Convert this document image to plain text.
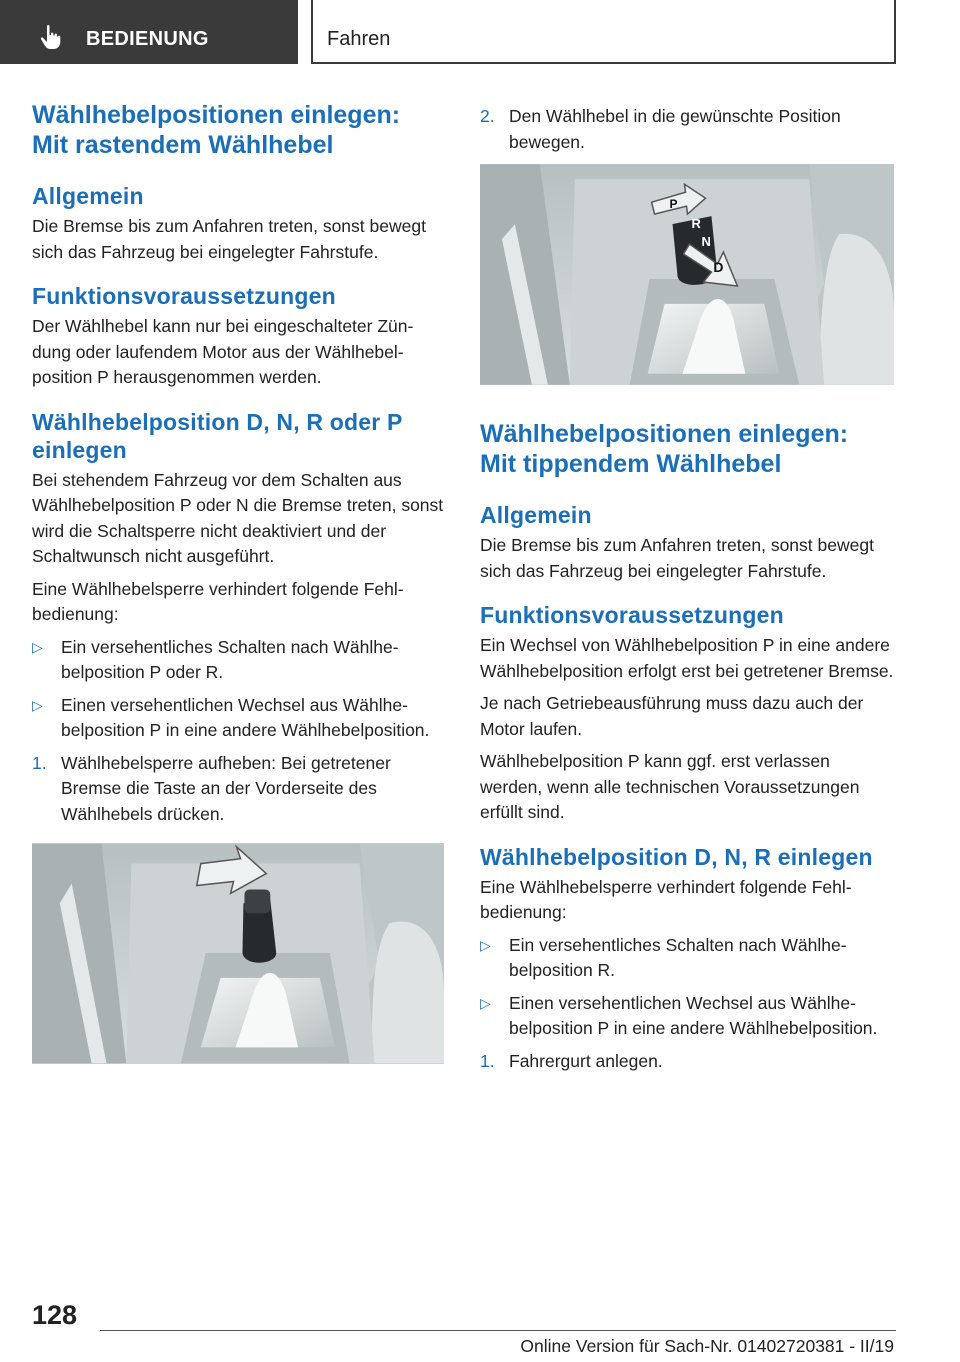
BEDIENUNG	Fahren
Wählhebelpositionen einlegen:
Mit rastendem Wählhebel
Allgemein

Die Bremse bis zum Anfahren treten, sonst bewegt sich das Fahrzeug bei eingelegter Fahrstufe.

Funktionsvoraussetzungen

Der Wählhebel kann nur bei eingeschalteter Zündung oder laufendem Motor aus der Wählhebelposition P herausgenommen werden.

Wählhebelposition D, N, R oder P einlegen

Bei stehendem Fahrzeug vor dem Schalten aus Wählhebelposition P oder N die Bremse treten, sonst wird die Schaltsperre nicht deaktiviert und der Schaltwunsch nicht ausgeführt.

Eine Wählhebelsperre verhindert folgende Fehlbedienung:

▷ Ein versehentliches Schalten nach Wählhebelposition P oder R.
▷ Einen versehentlichen Wechsel aus Wählhebelposition P in eine andere Wählhebelposition.
1. Wählhebelsperre aufheben: Bei getretener Bremse die Taste an der Vorderseite des Wählhebels drücken.
2. Den Wählhebel in die gewünschte Position bewegen.
P
R
N
D
Wählhebelpositionen einlegen:
Mit tippendem Wählhebel
Allgemein

Die Bremse bis zum Anfahren treten, sonst bewegt sich das Fahrzeug bei eingelegter Fahrstufe.

Funktionsvoraussetzungen

Ein Wechsel von Wählhebelposition P in eine andere Wählhebelposition erfolgt erst bei getretener Bremse.

Je nach Getriebeausführung muss dazu auch der Motor laufen.

Wählhebelposition P kann ggf. erst verlassen werden, wenn alle technischen Voraussetzungen erfüllt sind.

Wählhebelposition D, N, R einlegen

Eine Wählhebelsperre verhindert folgende Fehlbedienung:

▷ Ein versehentliches Schalten nach Wählhebelposition R.
▷ Einen versehentlichen Wechsel aus Wählhebelposition P in eine andere Wählhebelposition.
1. Fahrergurt anlegen.
128
Online Version für Sach-Nr. 01402720381 - II/19
